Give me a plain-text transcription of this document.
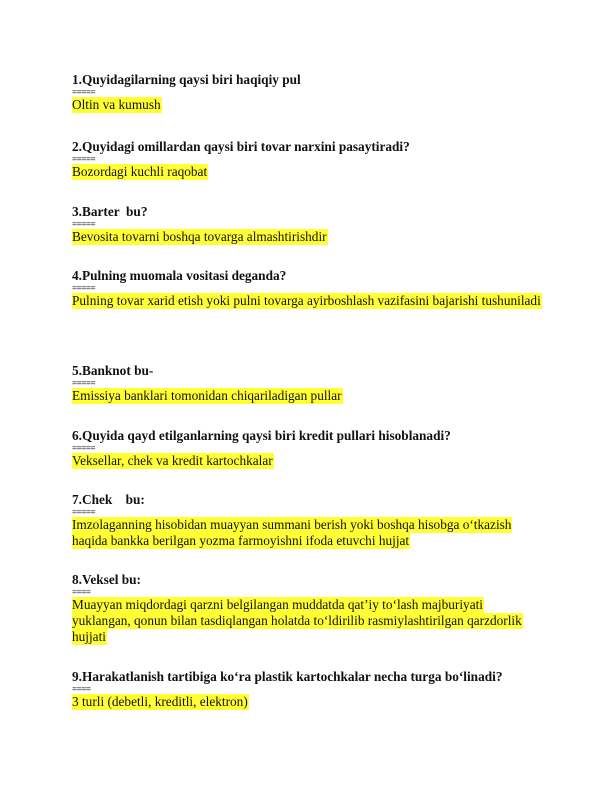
1.Quyidagilarning qaysi biri haqiqiy pul

=====

Oltin va kumush

2.Quyidagi omillardan qaysi biri tovar narxini pasaytiradi?

=====

Bozordagi kuchli raqobat

3.Barter  bu?

=====

Bevosita tovarni boshqa tovarga almashtirishdir

4.Pulning muomala vositasi deganda?

=====

Pulning tovar xarid etish yoki pulni tovarga ayirboshlash vazifasini bajarishi tushuniladi

5.Banknot bu-

=====

Emissiya banklari tomonidan chiqariladigan pullar

6.Quyida qayd etilganlarning qaysi biri kredit pullari hisoblanadi?

=====

Veksellar, chek va kredit kartochkalar

7.Chek    bu:

=====

Imzolaganning hisobidan muayyan summani berish yoki boshqa hisobga o‘tkazish haqida bankka berilgan yozma farmoyishni ifoda etuvchi hujjat

8.Veksel bu:

====

Muayyan miqdordagi qarzni belgilangan muddatda qat’iy to‘lash majburiyati yuklangan, qonun bilan tasdiqlangan holatda to‘ldirilib rasmiylashtirilgan qarzdorlik hujjati

9.Harakatlanish tartibiga ko‘ra plastik kartochkalar necha turga bo‘linadi?

====

3 turli (debetli, kreditli, elektron)
